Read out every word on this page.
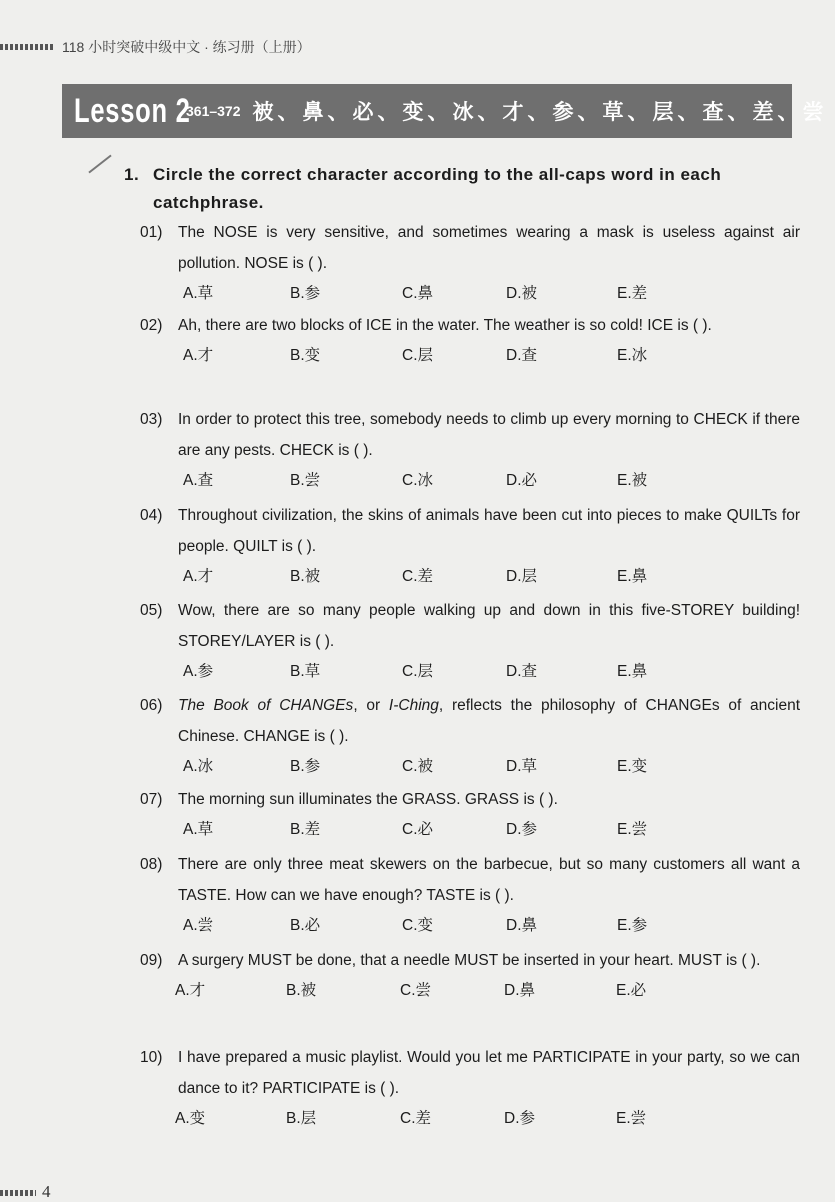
118 小时突破中级中文 · 练习册（上册）
Lesson 2
361–372 被、鼻、必、变、冰、才、参、草、层、查、差、尝
1. Circle the correct character according to the all-caps word in each catchphrase.
01)	The NOSE is very sensitive, and sometimes wearing a mask is useless against air pollution. NOSE is ( ).
A.草	B.参	C.鼻	D.被	E.差
02)	Ah, there are two blocks of ICE in the water. The weather is so cold! ICE is ( ).
A.才	B.变	C.层	D.查	E.冰
03)	In order to protect this tree, somebody needs to climb up every morning to CHECK if there are any pests. CHECK is ( ).
A.查	B.尝	C.冰	D.必	E.被
04)	Throughout civilization, the skins of animals have been cut into pieces to make QUILTs for people. QUILT is ( ).
A.才	B.被	C.差	D.层	E.鼻
05)	Wow, there are so many people walking up and down in this five-STOREY building! STOREY/LAYER is ( ).
A.参	B.草	C.层	D.查	E.鼻
06)	The Book of CHANGEs, or I-Ching, reflects the philosophy of CHANGEs of ancient Chinese. CHANGE is ( ).
A.冰	B.参	C.被	D.草	E.变
07)	The morning sun illuminates the GRASS. GRASS is ( ).
A.草	B.差	C.必	D.参	E.尝
08)	There are only three meat skewers on the barbecue, but so many customers all want a TASTE. How can we have enough? TASTE is ( ).
A.尝	B.必	C.变	D.鼻	E.参
09)	A surgery MUST be done, that a needle MUST be inserted in your heart. MUST is ( ).
A.才	B.被	C.尝	D.鼻	E.必
10)	I have prepared a music playlist. Would you let me PARTICIPATE in your party, so we can dance to it? PARTICIPATE is ( ).
A.变	B.层	C.差	D.参	E.尝
4
